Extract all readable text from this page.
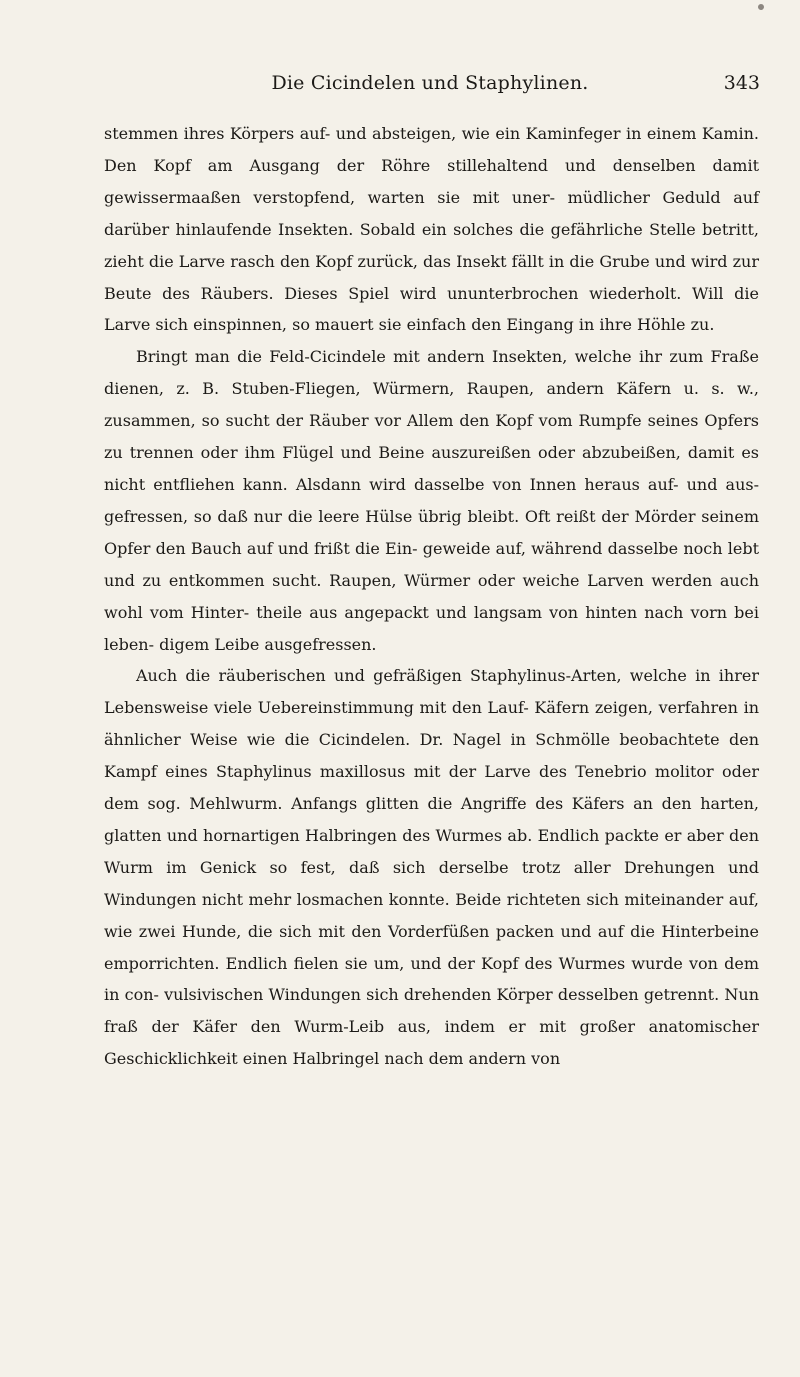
Die Cicindelen und Staphylinen.	343

stemmen ihres Körpers auf- und absteigen, wie ein Kaminfeger in einem Kamin. Den Kopf am Ausgang der Röhre stillehaltend und denselben damit gewissermaaßen verstopfend, warten sie mit uner- müdlicher Geduld auf darüber hinlaufende Insekten. Sobald ein solches die gefährliche Stelle betritt, zieht die Larve rasch den Kopf zurück, das Insekt fällt in die Grube und wird zur Beute des Räubers. Dieses Spiel wird ununterbrochen wiederholt. Will die Larve sich einspinnen, so mauert sie einfach den Eingang in ihre Höhle zu.

Bringt man die Feld-Cicindele mit andern Insekten, welche ihr zum Fraße dienen, z. B. Stuben-Fliegen, Würmern, Raupen, andern Käfern u. s. w., zusammen, so sucht der Räuber vor Allem den Kopf vom Rumpfe seines Opfers zu trennen oder ihm Flügel und Beine auszureißen oder abzubeißen, damit es nicht entfliehen kann. Alsdann wird dasselbe von Innen heraus auf- und aus- gefressen, so daß nur die leere Hülse übrig bleibt. Oft reißt der Mörder seinem Opfer den Bauch auf und frißt die Ein- geweide auf, während dasselbe noch lebt und zu entkommen sucht. Raupen, Würmer oder weiche Larven werden auch wohl vom Hinter- theile aus angepackt und langsam von hinten nach vorn bei leben- digem Leibe ausgefressen.

Auch die räuberischen und gefräßigen Staphylinus-Arten, welche in ihrer Lebensweise viele Uebereinstimmung mit den Lauf- Käfern zeigen, verfahren in ähnlicher Weise wie die Cicindelen. Dr. Nagel in Schmölle beobachtete den Kampf eines Staphylinus maxillosus mit der Larve des Tenebrio molitor oder dem sog. Mehlwurm. Anfangs glitten die Angriffe des Käfers an den harten, glatten und hornartigen Halbringen des Wurmes ab. Endlich packte er aber den Wurm im Genick so fest, daß sich derselbe trotz aller Drehungen und Windungen nicht mehr losmachen konnte. Beide richteten sich miteinander auf, wie zwei Hunde, die sich mit den Vorderfüßen packen und auf die Hinterbeine emporrichten. Endlich fielen sie um, und der Kopf des Wurmes wurde von dem in con- vulsivischen Windungen sich drehenden Körper desselben getrennt. Nun fraß der Käfer den Wurm-Leib aus, indem er mit großer anatomischer Geschicklichkeit einen Halbringel nach dem andern von
